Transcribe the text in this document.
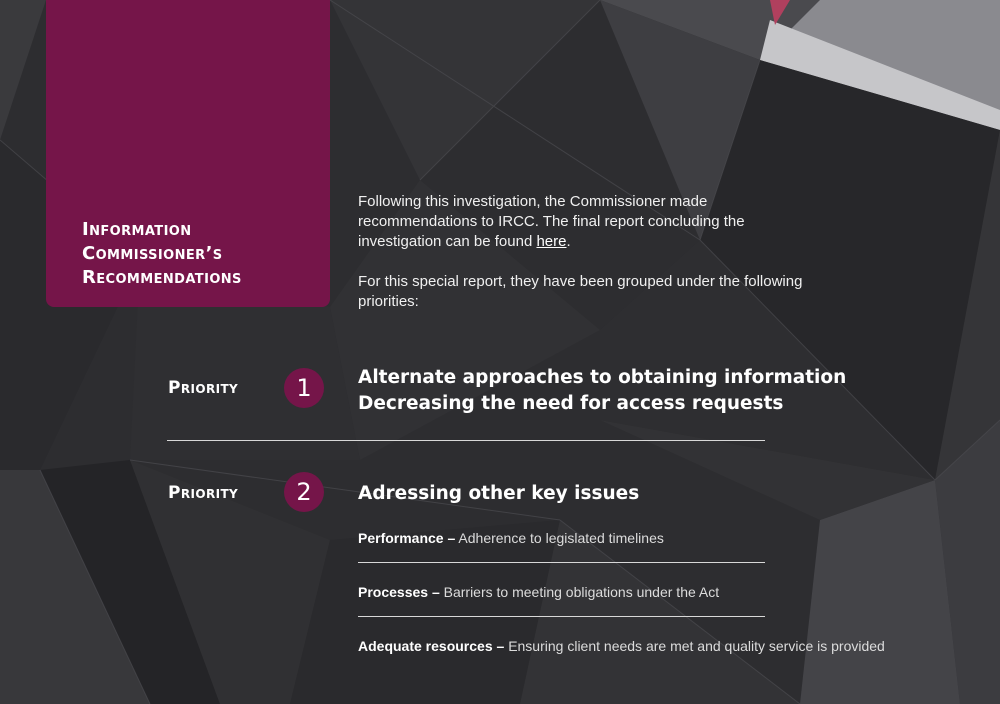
Information
Commissioner’s
Recommendations

Following this investigation, the Commissioner made recommendations to IRCC. The final report concluding the investigation can be found here.

For this special report, they have been grouped under the following priorities:

Priority	1	Alternate approaches to obtaining information
Decreasing the need for access requests
Priority	2	Adressing other key issues
Performance – Adherence to legislated timelines
Processes – Barriers to meeting obligations under the Act
Adequate resources – Ensuring client needs are met and quality service is provided
